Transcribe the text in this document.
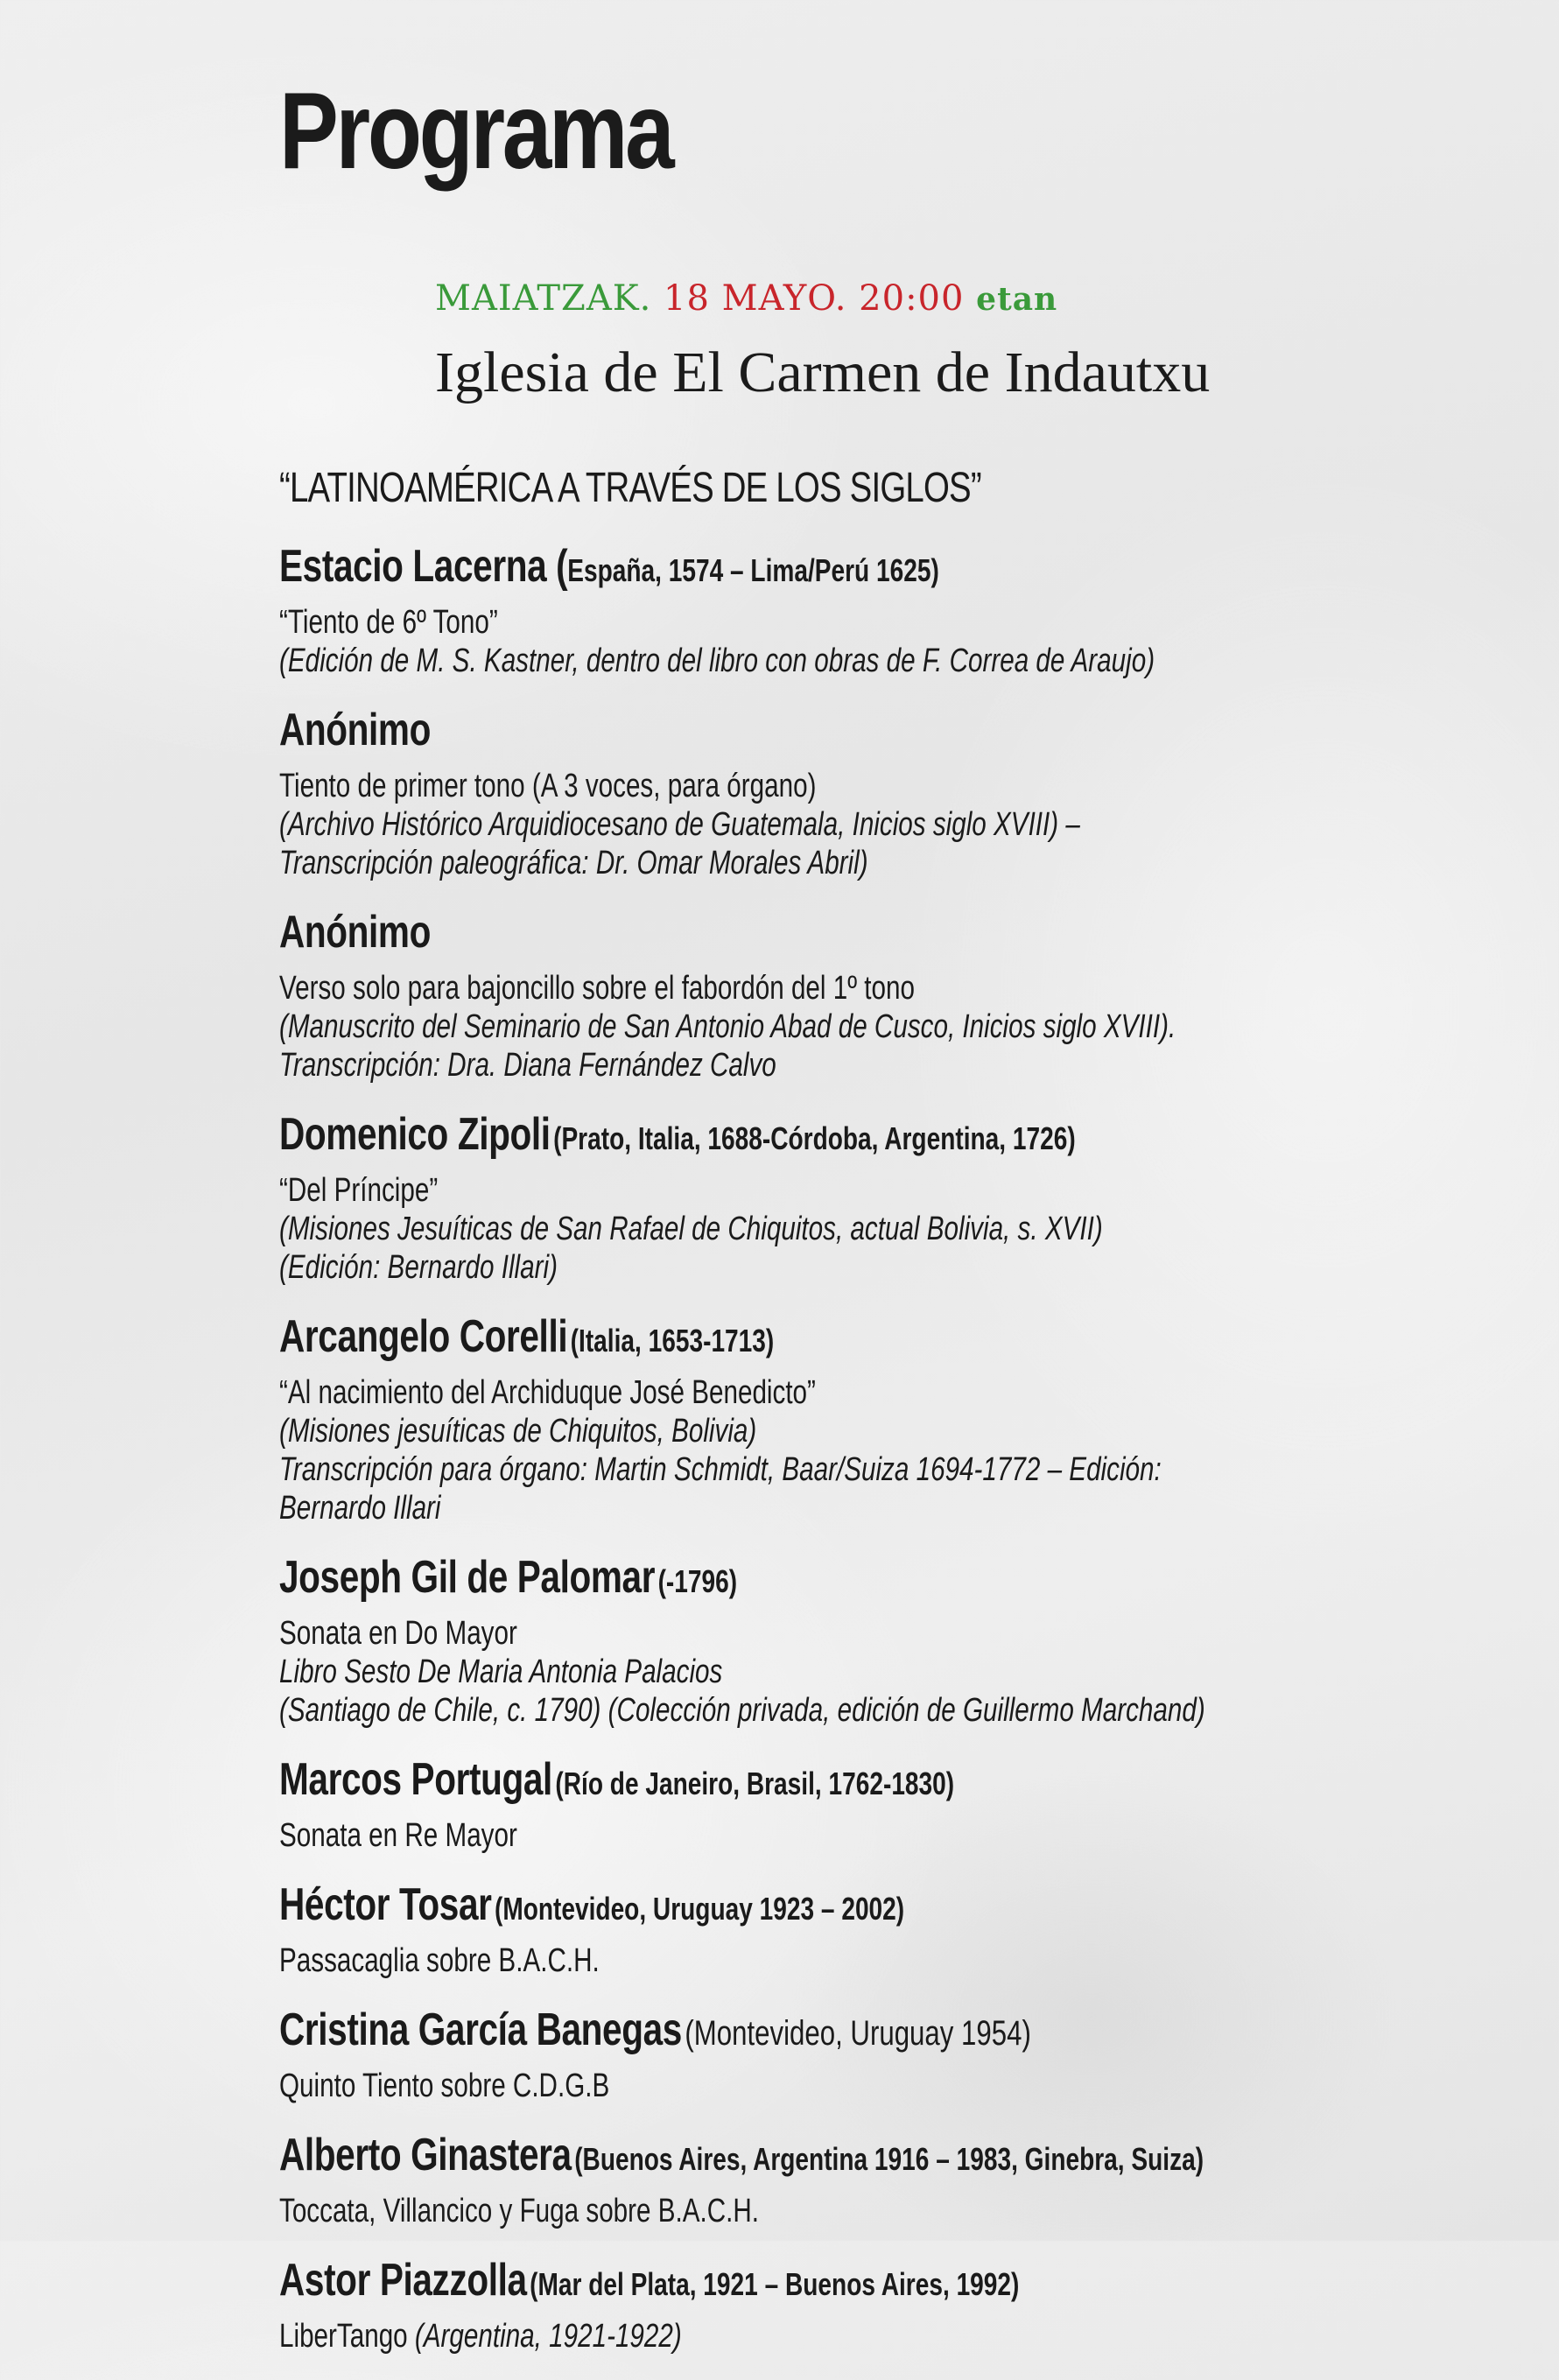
Programa
MAIATZAK. 18 MAYO. 20:00 etan
Iglesia de El Carmen de Indautxu
“LATINOAMÉRICA A TRAVÉS DE LOS SIGLOS”
Estacio Lacerna (España, 1574 – Lima/Perú 1625)
“Tiento de 6º Tono”
(Edición de M. S. Kastner, dentro del libro con obras de F. Correa de Araujo)
Anónimo
Tiento de primer tono (A 3 voces, para órgano)
(Archivo Histórico Arquidiocesano de Guatemala, Inicios siglo XVIII) –
Transcripción paleográfica: Dr. Omar Morales Abril)
Anónimo
Verso solo para bajoncillo sobre el fabordón del 1º tono
(Manuscrito del Seminario de San Antonio Abad de Cusco, Inicios siglo XVIII).
Transcripción: Dra. Diana Fernández Calvo
Domenico Zipoli (Prato, Italia, 1688-Córdoba, Argentina, 1726)
“Del Príncipe”
(Misiones Jesuíticas de San Rafael de Chiquitos, actual Bolivia, s. XVII)
(Edición: Bernardo Illari)
Arcangelo Corelli (Italia, 1653-1713)
“Al nacimiento del Archiduque José Benedicto”
(Misiones jesuíticas de Chiquitos, Bolivia)
Transcripción para órgano: Martin Schmidt, Baar/Suiza 1694-1772 – Edición:
Bernardo Illari
Joseph Gil de Palomar (-1796)
Sonata en Do Mayor
Libro Sesto De Maria Antonia Palacios
(Santiago de Chile, c. 1790) (Colección privada, edición de Guillermo Marchand)
Marcos Portugal (Río de Janeiro, Brasil, 1762-1830)
Sonata en Re Mayor
Héctor Tosar (Montevideo, Uruguay 1923 – 2002)
Passacaglia sobre B.A.C.H.
Cristina García Banegas (Montevideo, Uruguay 1954)
Quinto Tiento sobre C.D.G.B
Alberto Ginastera (Buenos Aires, Argentina 1916 – 1983, Ginebra, Suiza)
Toccata, Villancico y Fuga sobre B.A.C.H.
Astor Piazzolla (Mar del Plata, 1921 – Buenos Aires, 1992)
LiberTango (Argentina, 1921-1922)
